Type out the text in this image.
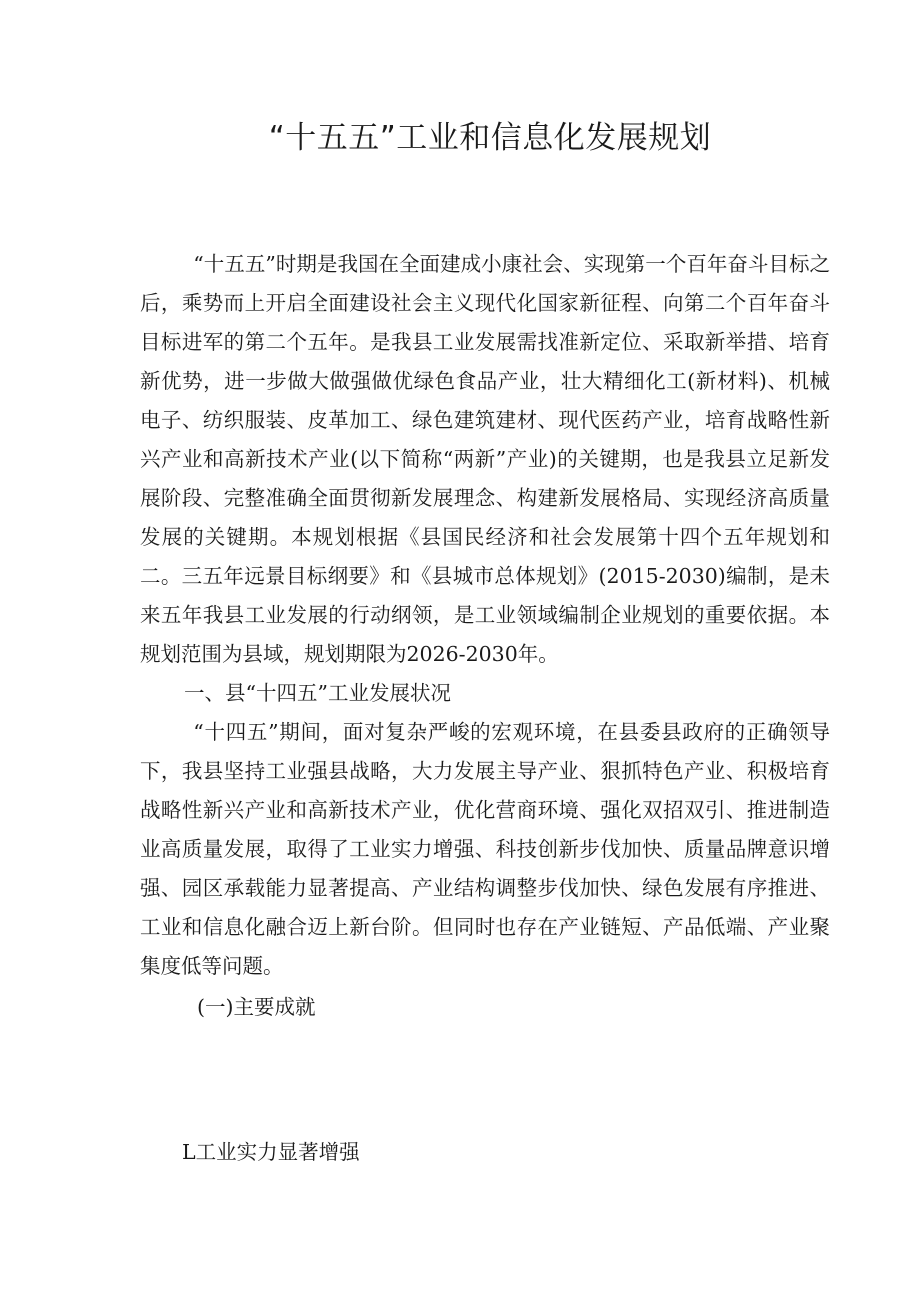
“十五五”工业和信息化发展规划

“十五五”时期是我国在全面建成小康社会、实现第一个百年奋斗目标之后，乘势而上开启全面建设社会主义现代化国家新征程、向第二个百年奋斗目标进军的第二个五年。是我县工业发展需找准新定位、采取新举措、培育新优势，进一步做大做强做优绿色食品产业，壮大精细化工(新材料)、机械电子、纺织服装、皮革加工、绿色建筑建材、现代医药产业，培育战略性新兴产业和高新技术产业(以下简称“两新”产业)的关键期，也是我县立足新发展阶段、完整准确全面贯彻新发展理念、构建新发展格局、实现经济高质量发展的关键期。本规划根据《县国民经济和社会发展第十四个五年规划和二。三五年远景目标纲要》和《县城市总体规划》(2015-2030)编制，是未来五年我县工业发展的行动纲领，是工业领域编制企业规划的重要依据。本规划范围为县域，规划期限为2026-2030年。

一、县“十四五”工业发展状况

“十四五”期间，面对复杂严峻的宏观环境，在县委县政府的正确领导下，我县坚持工业强县战略，大力发展主导产业、狠抓特色产业、积极培育战略性新兴产业和高新技术产业，优化营商环境、强化双招双引、推进制造业高质量发展，取得了工业实力增强、科技创新步伐加快、质量品牌意识增强、园区承载能力显著提高、产业结构调整步伐加快、绿色发展有序推进、工业和信息化融合迈上新台阶。但同时也存在产业链短、产品低端、产业聚集度低等问题。

(一)主要成就

L工业实力显著增强
